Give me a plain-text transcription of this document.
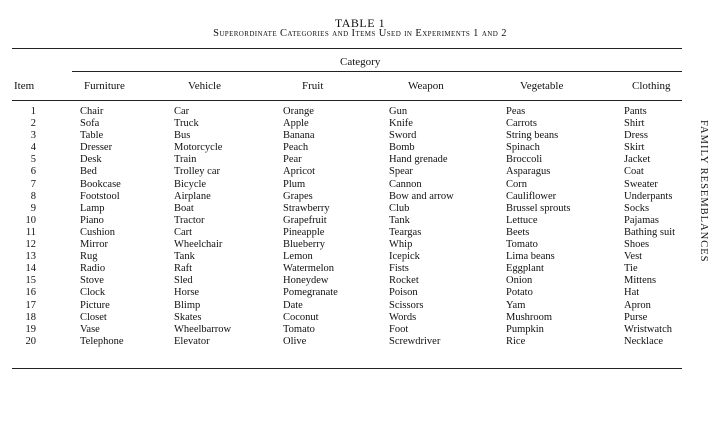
TABLE 1
Superordinate Categories and Items Used in Experiments 1 and 2
Category
Item	Furniture	Vehicle	Fruit	Weapon	Vegetable	Clothing
1	Chair	Car	Orange	Gun	Peas	Pants
2	Sofa	Truck	Apple	Knife	Carrots	Shirt
3	Table	Bus	Banana	Sword	String beans	Dress
4	Dresser	Motorcycle	Peach	Bomb	Spinach	Skirt
5	Desk	Train	Pear	Hand grenade	Broccoli	Jacket
6	Bed	Trolley car	Apricot	Spear	Asparagus	Coat
7	Bookcase	Bicycle	Plum	Cannon	Corn	Sweater
8	Footstool	Airplane	Grapes	Bow and arrow	Cauliflower	Underpants
9	Lamp	Boat	Strawberry	Club	Brussel sprouts	Socks
10	Piano	Tractor	Grapefruit	Tank	Lettuce	Pajamas
11	Cushion	Cart	Pineapple	Teargas	Beets	Bathing suit
12	Mirror	Wheelchair	Blueberry	Whip	Tomato	Shoes
13	Rug	Tank	Lemon	Icepick	Lima beans	Vest
14	Radio	Raft	Watermelon	Fists	Eggplant	Tie
15	Stove	Sled	Honeydew	Rocket	Onion	Mittens
16	Clock	Horse	Pomegranate	Poison	Potato	Hat
17	Picture	Blimp	Date	Scissors	Yam	Apron
18	Closet	Skates	Coconut	Words	Mushroom	Purse
19	Vase	Wheelbarrow	Tomato	Foot	Pumpkin	Wristwatch
20	Telephone	Elevator	Olive	Screwdriver	Rice	Necklace
FAMILY RESEMBLANCES
